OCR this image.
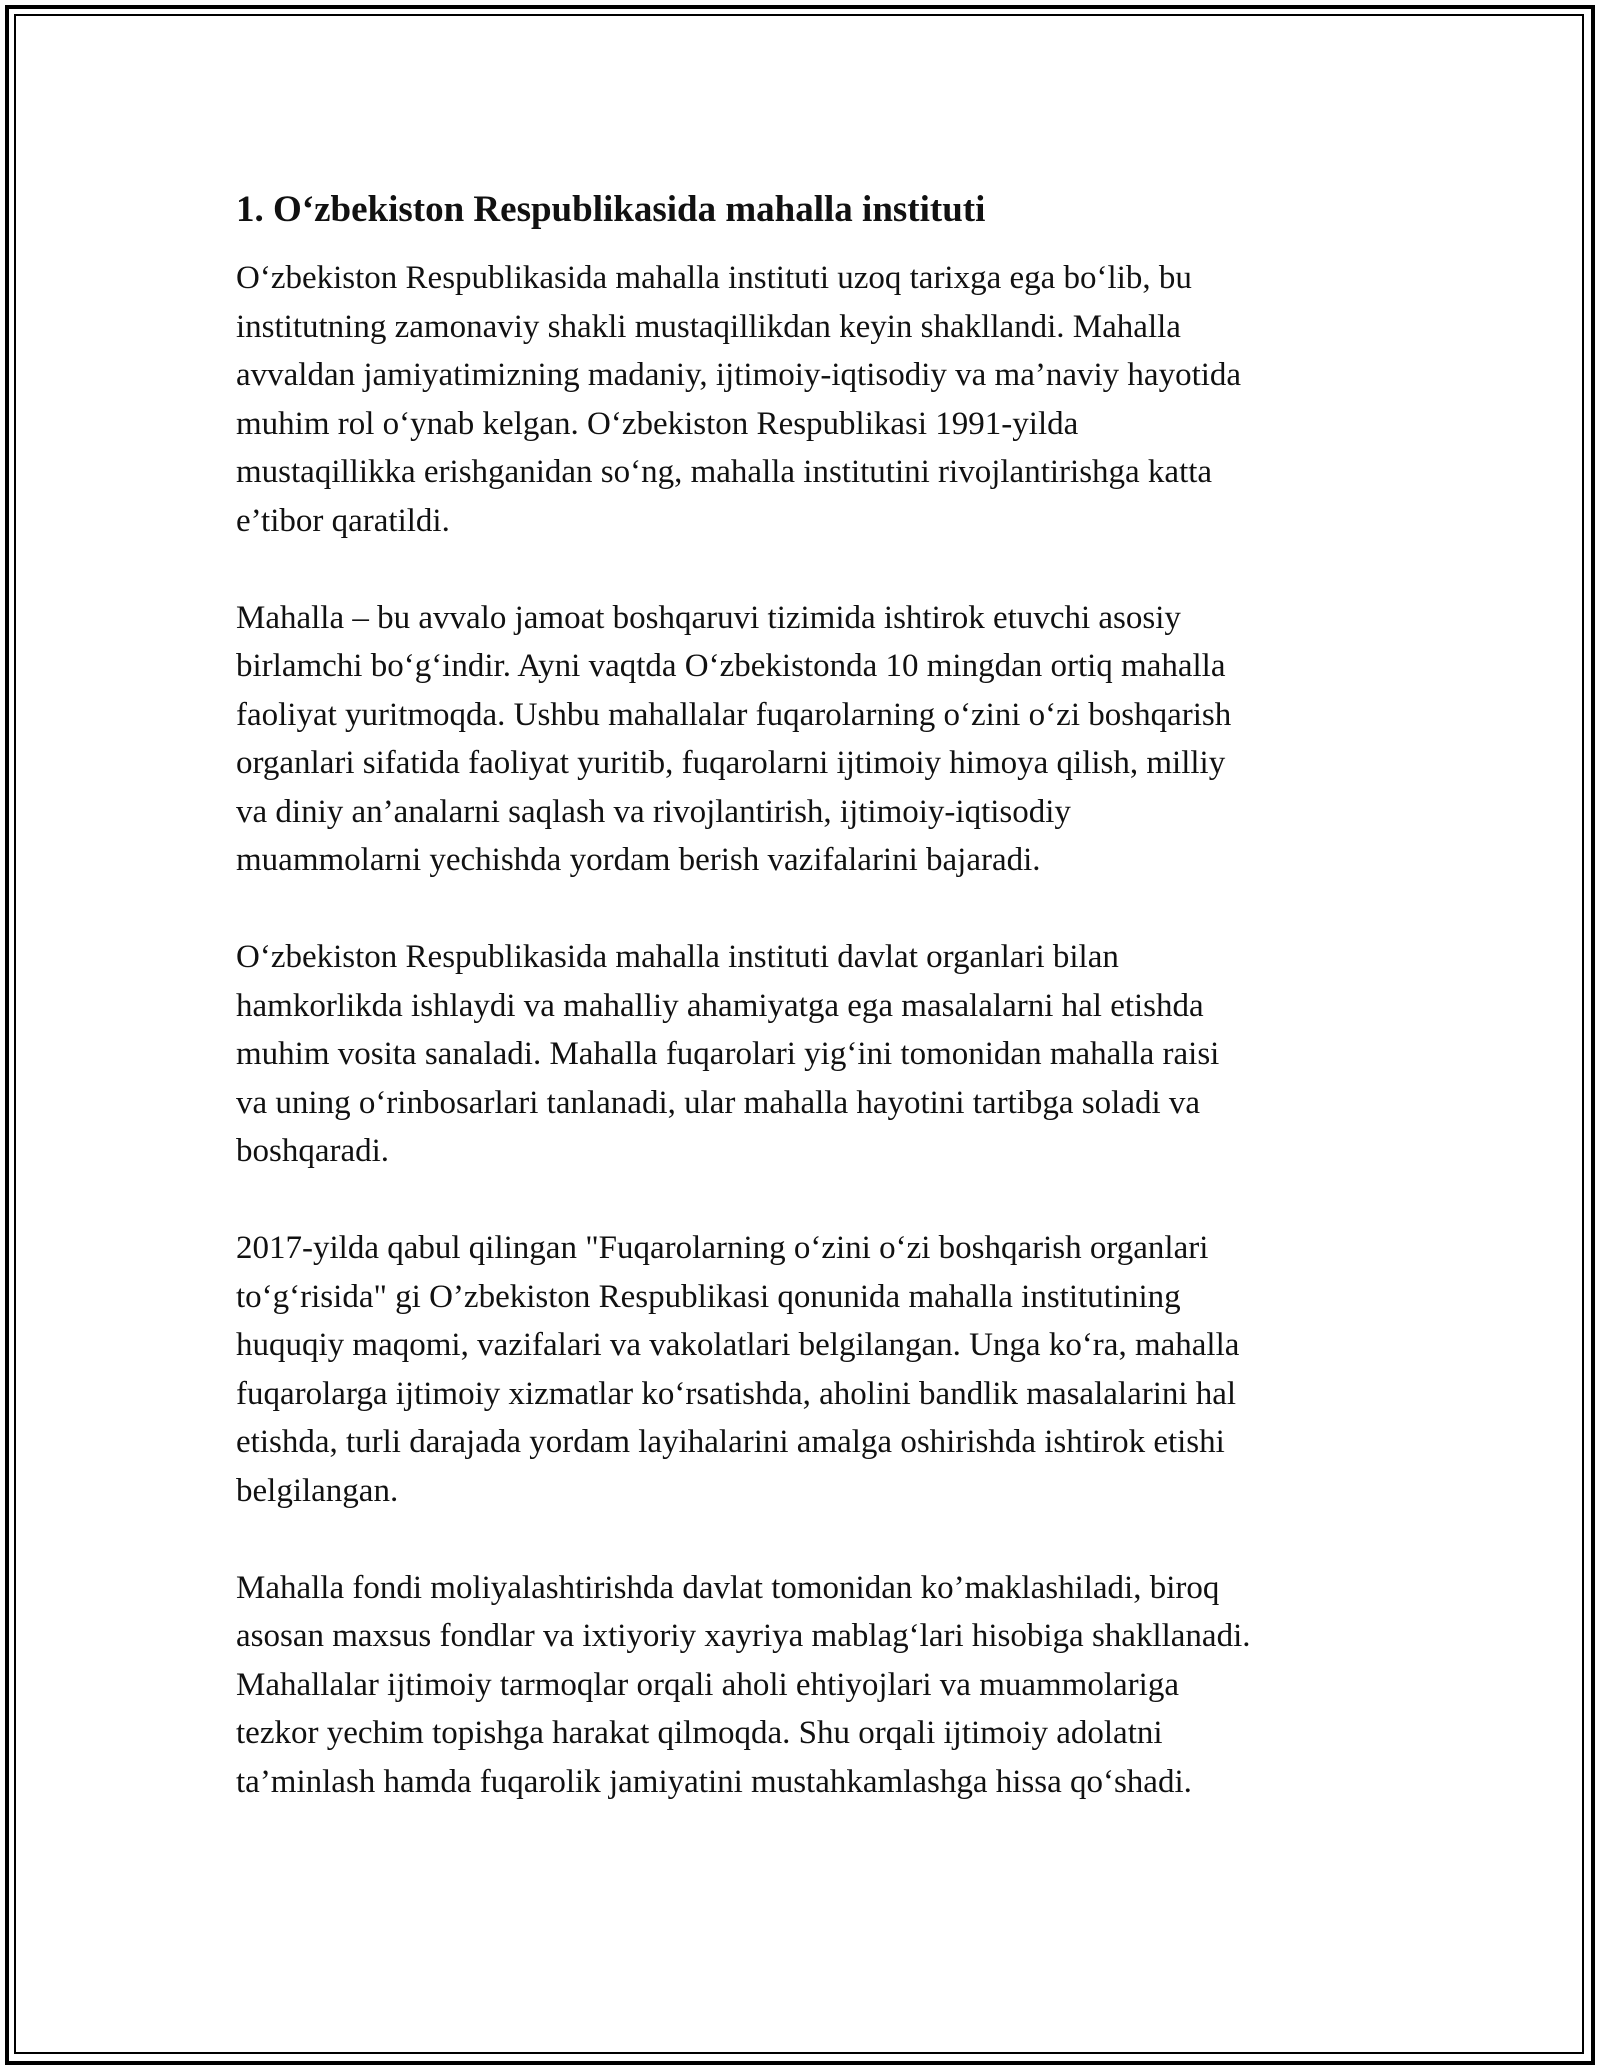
1. O‘zbekiston Respublikasida mahalla instituti

O‘zbekiston Respublikasida mahalla instituti uzoq tarixga ega bo‘lib, bu
institutning zamonaviy shakli mustaqillikdan keyin shakllandi. Mahalla
avvaldan jamiyatimizning madaniy, ijtimoiy-iqtisodiy va ma’naviy hayotida
muhim rol o‘ynab kelgan. O‘zbekiston Respublikasi 1991-yilda
mustaqillikka erishganidan so‘ng, mahalla institutini rivojlantirishga katta
e’tibor qaratildi.

Mahalla – bu avvalo jamoat boshqaruvi tizimida ishtirok etuvchi asosiy
birlamchi bo‘g‘indir. Ayni vaqtda O‘zbekistonda 10 mingdan ortiq mahalla
faoliyat yuritmoqda. Ushbu mahallalar fuqarolarning o‘zini o‘zi boshqarish
organlari sifatida faoliyat yuritib, fuqarolarni ijtimoiy himoya qilish, milliy
va diniy an’analarni saqlash va rivojlantirish, ijtimoiy-iqtisodiy
muammolarni yechishda yordam berish vazifalarini bajaradi.

O‘zbekiston Respublikasida mahalla instituti davlat organlari bilan
hamkorlikda ishlaydi va mahalliy ahamiyatga ega masalalarni hal etishda
muhim vosita sanaladi. Mahalla fuqarolari yig‘ini tomonidan mahalla raisi
va uning o‘rinbosarlari tanlanadi, ular mahalla hayotini tartibga soladi va
boshqaradi.

2017-yilda qabul qilingan "Fuqarolarning o‘zini o‘zi boshqarish organlari
to‘g‘risida" gi O’zbekiston Respublikasi qonunida mahalla institutining
huquqiy maqomi, vazifalari va vakolatlari belgilangan. Unga ko‘ra, mahalla
fuqarolarga ijtimoiy xizmatlar ko‘rsatishda, aholini bandlik masalalarini hal
etishda, turli darajada yordam layihalarini amalga oshirishda ishtirok etishi
belgilangan.

Mahalla fondi moliyalashtirishda davlat tomonidan ko’maklashiladi, biroq
asosan maxsus fondlar va ixtiyoriy xayriya mablag‘lari hisobiga shakllanadi.
Mahallalar ijtimoiy tarmoqlar orqali aholi ehtiyojlari va muammolariga
tezkor yechim topishga harakat qilmoqda. Shu orqali ijtimoiy adolatni
ta’minlash hamda fuqarolik jamiyatini mustahkamlashga hissa qo‘shadi.
